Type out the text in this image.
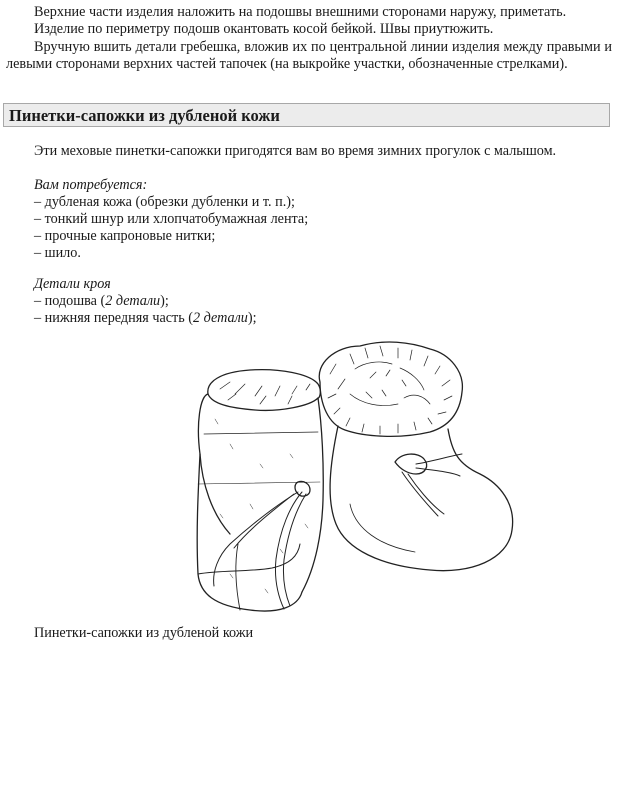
Верхние части изделия наложить на подошвы внешними сторонами наружу, приметать.
Изделие по периметру подошв окантовать косой бейкой. Швы приутюжить.
Вручную вшить детали гребешка, вложив их по центральной линии изделия между правыми и левыми сторонами верхних частей тапочек (на выкройке участки, обозначенные стрелками).
Пинетки-сапожки из дубленой кожи
Эти меховые пинетки-сапожки пригодятся вам во время зимних прогулок с малышом.
Вам потребуется:
– дубленая кожа (обрезки дубленки и т. п.);
– тонкий шнур или хлопчатобумажная лента;
– прочные капроновые нитки;
– шило.
Детали кроя
– подошва (2 детали);
– нижняя передняя часть (2 детали);
Пинетки-сапожки из дубленой кожи
